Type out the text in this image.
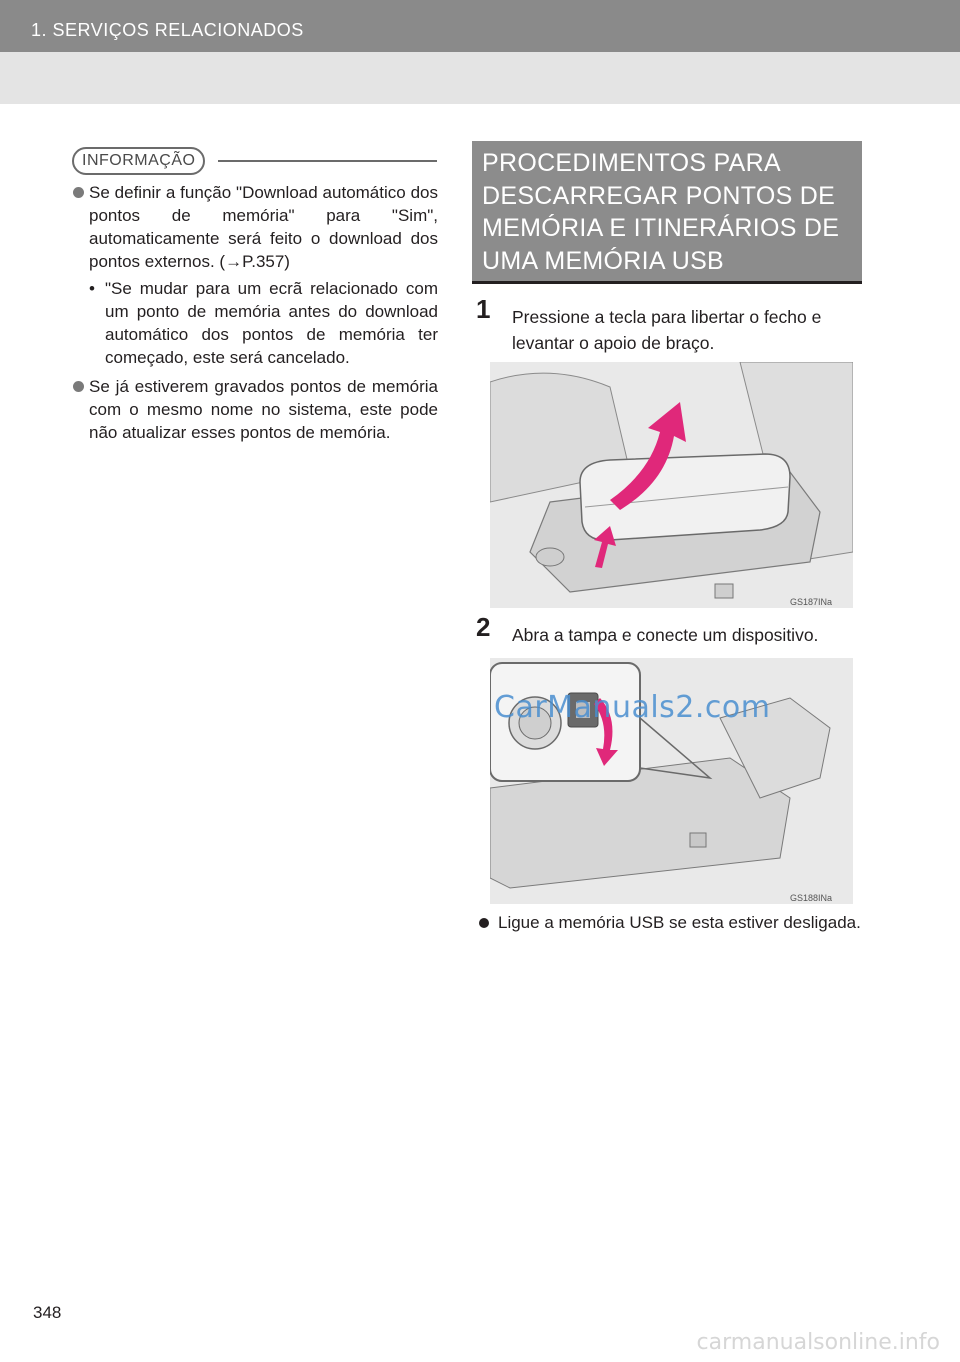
1. SERVIÇOS RELACIONADOS
INFORMAÇÃO
Se definir a função "Download automático dos pontos de memória" para "Sim", automaticamente será feito o download dos pontos externos. (→P.357)
• "Se mudar para um ecrã relacionado com um ponto de memória antes do download automático dos pontos de memória ter começado, este será cancelado.
Se já estiverem gravados pontos de memória com o mesmo nome no sistema, este pode não atualizar esses pontos de memória.
PROCEDIMENTOS PARA DESCARREGAR PONTOS DE MEMÓRIA E ITINERÁRIOS DE UMA MEMÓRIA USB
1	Pressione a tecla para libertar o fecho e levantar o apoio de braço.
GS187INa
2	Abra a tampa e conecte um dispositivo.
GS188INa
CarManuals2.com
Ligue a memória USB se esta estiver desligada.
348
carmanualsonline.info
